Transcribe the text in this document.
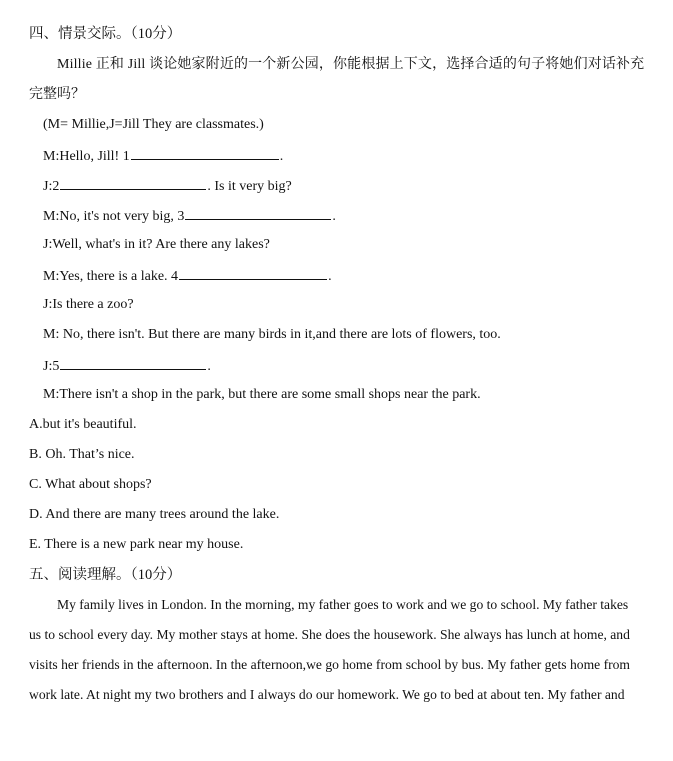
四、情景交际。（10分）
Millie 正和 Jill 谈论她家附近的一个新公园，你能根据上下文，选择合适的句子将她们对话补充
完整吗？
(M= Millie,J=Jill They are classmates.)
M:Hello, Jill! 1	.
J:2	. Is it very big?
M:No, it's not very big, 3	.
J:Well, what's in it? Are there any lakes?
M:Yes, there is a lake. 4	.
J:Is there a zoo?
M: No, there isn't. But there are many birds in it,and there are lots of flowers, too.
J:5	.
M:There isn't a shop in the park, but there are some small shops near the park.
A.but it's beautiful.
B. Oh. That’s nice.
C. What about shops?
D. And there are many trees around the lake.
E. There is a new park near my house.
五、阅读理解。（10分）
My family lives in London. In the morning, my father goes to work and we go to school. My father takes
us to school every day. My mother stays at home. She does the housework. She always has lunch at home, and
visits her friends in the afternoon. In the afternoon,we go home from school by bus. My father gets home from
work late. At night my two brothers and I always do our homework. We go to bed at about ten. My father and
